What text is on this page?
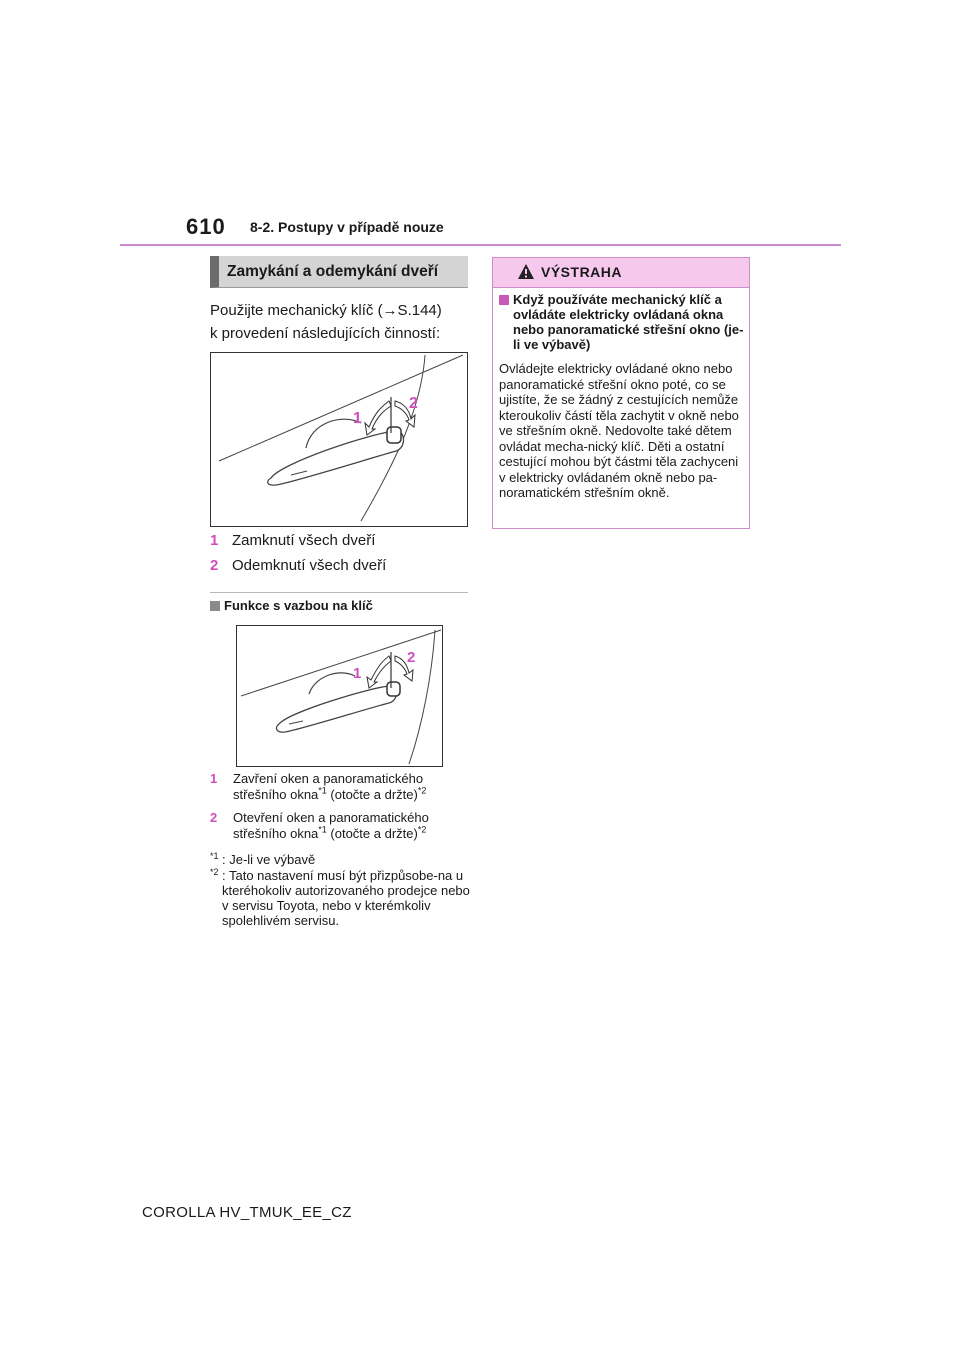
610 8-2. Postupy v případě nouze
Zamykání a odemykání dveří
Použijte mechanický klíč (→S.144)
k provedení následujících činností:
1
2
1 Zamknutí všech dveří
2 Odemknutí všech dveří
Funkce s vazbou na klíč
1
2
1 Zavření oken a panoramatického
střešního okna$^{*1}$ (otočte a držte)$^{*2}$
2 Otevření oken a panoramatického
střešního okna$^{*1}$ (otočte a držte)$^{*2}$
*1 : Je-li ve výbavě
*2 : Tato nastavení musí být přizpůsobe-na u kteréhokoliv autorizovaného prodejce nebo v servisu Toyota, nebo v kterémkoliv spolehlivém servisu.
VÝSTRAHA
Když používáte mechanický klíč a ovládáte elektricky ovládaná okna nebo panoramatické střešní okno (je-li ve výbavě)
Ovládejte elektricky ovládané okno nebo panoramatické střešní okno poté, co se ujistíte, že se žádný z cestujících nemůže kteroukoliv částí těla zachytit v okně nebo ve střešním okně. Nedovolte také dětem ovládat mecha-nický klíč. Děti a ostatní cestující mohou být částmi těla zachyceni v elektricky ovládaném okně nebo pa-noramatickém střešním okně.
COROLLA HV_TMUK_EE_CZ
